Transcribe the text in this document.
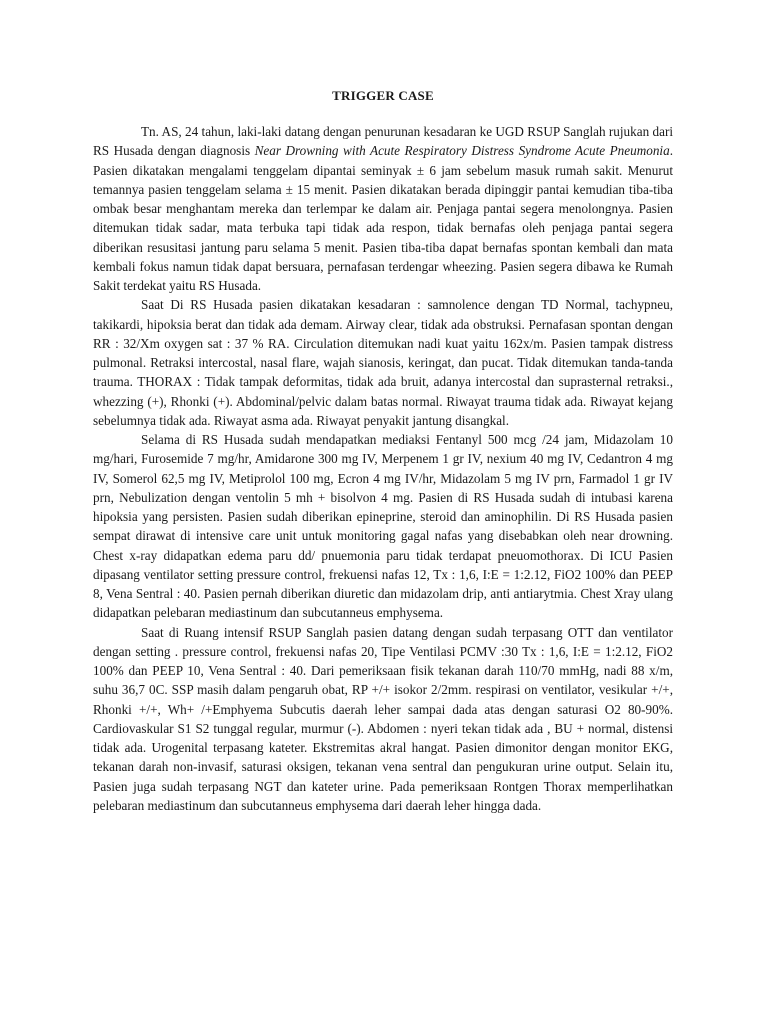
TRIGGER CASE

Tn. AS, 24 tahun, laki-laki datang dengan penurunan kesadaran ke UGD RSUP Sanglah rujukan dari RS Husada dengan diagnosis Near Drowning with Acute Respiratory Distress Syndrome Acute Pneumonia. Pasien dikatakan mengalami tenggelam dipantai seminyak ± 6 jam sebelum masuk rumah sakit. Menurut temannya pasien tenggelam selama ± 15 menit. Pasien dikatakan berada dipinggir pantai kemudian tiba-tiba ombak besar menghantam mereka dan terlempar ke dalam air. Penjaga pantai segera menolongnya. Pasien ditemukan tidak sadar, mata terbuka tapi tidak ada respon, tidak bernafas oleh penjaga pantai segera diberikan resusitasi jantung paru selama 5 menit. Pasien tiba-tiba dapat bernafas spontan kembali dan mata kembali fokus namun tidak dapat bersuara, pernafasan terdengar wheezing. Pasien segera dibawa ke Rumah Sakit terdekat yaitu RS Husada.

Saat Di RS Husada pasien dikatakan kesadaran : samnolence dengan TD Normal, tachypneu, takikardi, hipoksia berat dan tidak ada demam. Airway clear, tidak ada obstruksi. Pernafasan spontan dengan RR : 32/Xm oxygen sat : 37 % RA. Circulation ditemukan nadi kuat yaitu 162x/m. Pasien tampak distress pulmonal. Retraksi intercostal, nasal flare, wajah sianosis, keringat, dan pucat. Tidak ditemukan tanda-tanda trauma. THORAX : Tidak tampak deformitas, tidak ada bruit, adanya intercostal dan suprasternal retraksi., whezzing (+), Rhonki (+). Abdominal/pelvic dalam batas normal. Riwayat trauma tidak ada. Riwayat kejang sebelumnya tidak ada. Riwayat asma ada. Riwayat penyakit jantung disangkal.

Selama di RS Husada sudah mendapatkan mediaksi Fentanyl 500 mcg /24 jam, Midazolam 10 mg/hari, Furosemide 7 mg/hr, Amidarone 300 mg IV, Merpenem 1 gr IV, nexium 40 mg IV, Cedantron 4 mg IV, Somerol 62,5 mg IV, Metiprolol 100 mg, Ecron 4 mg IV/hr, Midazolam 5 mg IV prn, Farmadol 1 gr IV prn, Nebulization dengan ventolin 5 mh + bisolvon 4 mg. Pasien di RS Husada sudah di intubasi karena hipoksia yang persisten. Pasien sudah diberikan epineprine, steroid dan aminophilin. Di RS Husada pasien sempat dirawat di intensive care unit untuk monitoring gagal nafas yang disebabkan oleh near drowning. Chest x-ray didapatkan edema paru dd/ pnuemonia paru tidak terdapat pneuomothorax. Di ICU Pasien dipasang ventilator setting pressure control, frekuensi nafas 12, Tx : 1,6, I:E = 1:2.12, FiO2 100% dan PEEP 8, Vena Sentral : 40. Pasien pernah diberikan diuretic dan midazolam drip, anti antiarytmia. Chest Xray ulang didapatkan pelebaran mediastinum dan subcutanneus emphysema.

Saat di Ruang intensif RSUP Sanglah pasien datang dengan sudah terpasang OTT dan ventilator dengan setting . pressure control, frekuensi nafas 20, Tipe Ventilasi PCMV :30 Tx : 1,6, I:E = 1:2.12, FiO2 100% dan PEEP 10, Vena Sentral : 40. Dari pemeriksaan fisik tekanan darah 110/70 mmHg, nadi 88 x/m, suhu 36,7 0C. SSP masih dalam pengaruh obat, RP +/+ isokor 2/2mm. respirasi on ventilator, vesikular +/+, Rhonki +/+, Wh+ /+Emphyema Subcutis daerah leher sampai dada atas dengan saturasi O2 80-90%. Cardiovaskular S1 S2 tunggal regular, murmur (-). Abdomen : nyeri tekan tidak ada , BU + normal, distensi tidak ada. Urogenital terpasang kateter. Ekstremitas akral hangat. Pasien dimonitor dengan monitor EKG, tekanan darah non-invasif, saturasi oksigen, tekanan vena sentral dan pengukuran urine output. Selain itu, Pasien juga sudah terpasang NGT dan kateter urine. Pada pemeriksaan Rontgen Thorax memperlihatkan pelebaran mediastinum dan subcutanneus emphysema dari daerah leher hingga dada.
